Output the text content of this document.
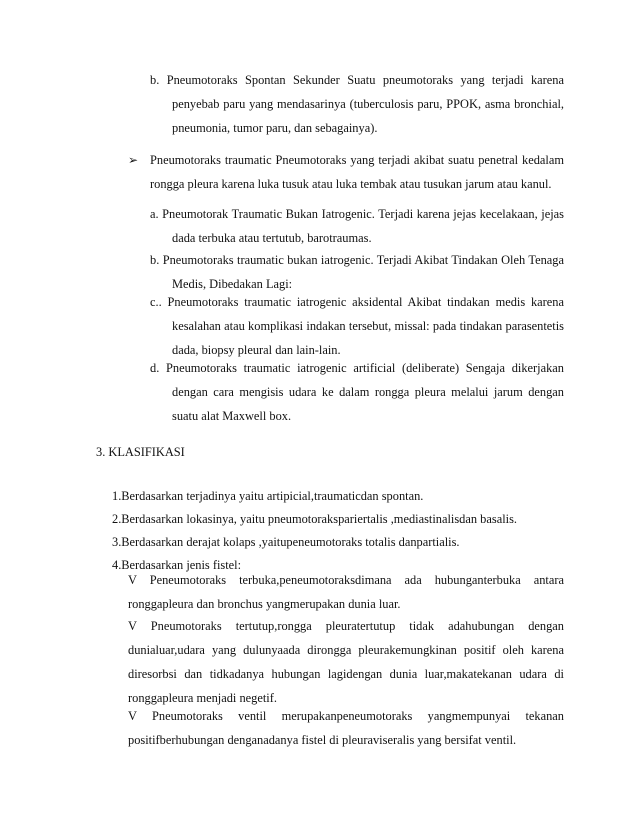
b. Pneumotoraks Spontan Sekunder Suatu pneumotoraks yang terjadi karena penyebab paru yang mendasarinya (tuberculosis paru, PPOK, asma bronchial, pneumonia, tumor paru, dan sebagainya).

➢ Pneumotoraks traumatic Pneumotoraks yang terjadi akibat suatu penetral kedalam rongga pleura karena luka tusuk atau luka tembak atau tusukan jarum atau kanul.

a. Pneumotorak Traumatic Bukan Iatrogenic. Terjadi karena jejas kecelakaan, jejas dada terbuka atau tertutub, barotraumas.

b. Pneumotoraks traumatic bukan iatrogenic. Terjadi Akibat Tindakan Oleh Tenaga Medis, Dibedakan Lagi:

c.. Pneumotoraks traumatic iatrogenic aksidental Akibat tindakan medis karena kesalahan atau komplikasi indakan tersebut, missal: pada tindakan parasentetis dada, biopsy pleural dan lain-lain.

d. Pneumotoraks traumatic iatrogenic artificial (deliberate) Sengaja dikerjakan dengan cara mengisis udara ke dalam rongga pleura melalui jarum dengan suatu alat Maxwell box.

3. KLASIFIKASI

1.Berdasarkan terjadinya yaitu artipicial,traumaticdan spontan.

2.Berdasarkan lokasinya, yaitu pneumotorakspariertalis ,mediastinalisdan basalis.

3.Berdasarkan derajat kolaps ,yaitupeneumotoraks totalis danpartialis.

4.Berdasarkan jenis fistel:

V Peneumotoraks terbuka,peneumotoraksdimana ada hubunganterbuka antara ronggapleura dan bronchus yangmerupakan dunia luar.

V Pneumotoraks tertutup,rongga pleuratertutup tidak adahubungan dengan dunialuar,udara yang dulunyaada dirongga pleurakemungkinan positif oleh karena diresorbsi dan tidkadanya hubungan lagidengan dunia luar,makatekanan udara di ronggapleura menjadi negetif.

V Pneumotoraks ventil merupakanpeneumotoraks yangmempunyai tekanan positifberhubungan denganadanya fistel di pleuraviseralis yang bersifat ventil.
